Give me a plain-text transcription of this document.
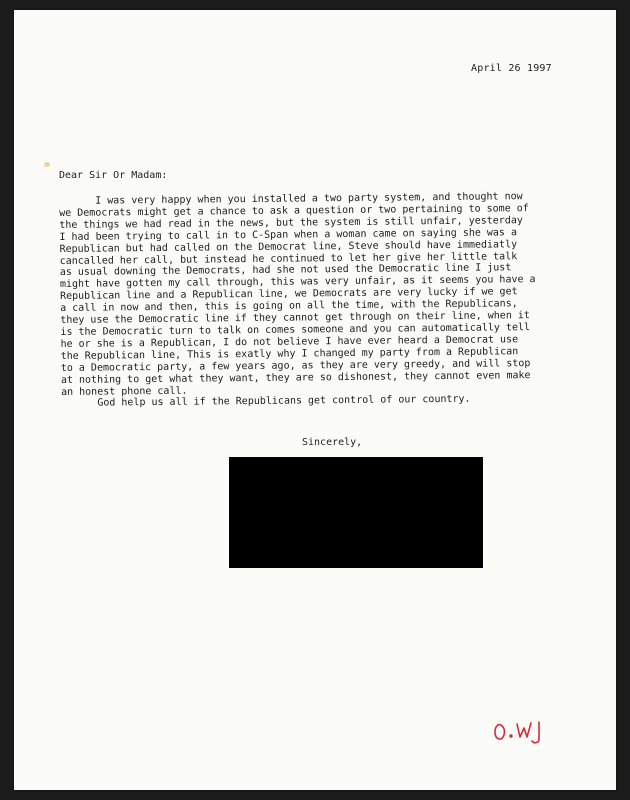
April 26 1997
Dear Sir Or Madam:
I was very happy when you installed a two party system, and thought now
we Democrats might get a chance to ask a question or two pertaining to some of
the things we had read in the news, but the system is still unfair, yesterday
I had been trying to call in to C-Span when a woman came on saying she was a
Republican but had called on the Democrat line, Steve should have immediatly
cancalled her call, but instead he continued to let her give her little talk
as usual downing the Democrats, had she not used the Democratic line I just
might have gotten my call through, this was very unfair, as it seems you have a
Republican line and a Republican line, we Democrats are very lucky if we get
a call in now and then, this is going on all the time, with the Republicans,
they use the Democratic line if they cannot get through on their line, when it
is the Democratic turn to talk on comes someone and you can automatically tell
he or she is a Republican, I do not believe I have ever heard a Democrat use
the Republican line, This is exatly why I changed my party from a Republican
to a Democratic party, a few years ago, as they are very greedy, and will stop
at nothing to get what they want, they are so dishonest, they cannot even make
an honest phone call.
God help us all if the Republicans get control of our country.
Sincerely,
